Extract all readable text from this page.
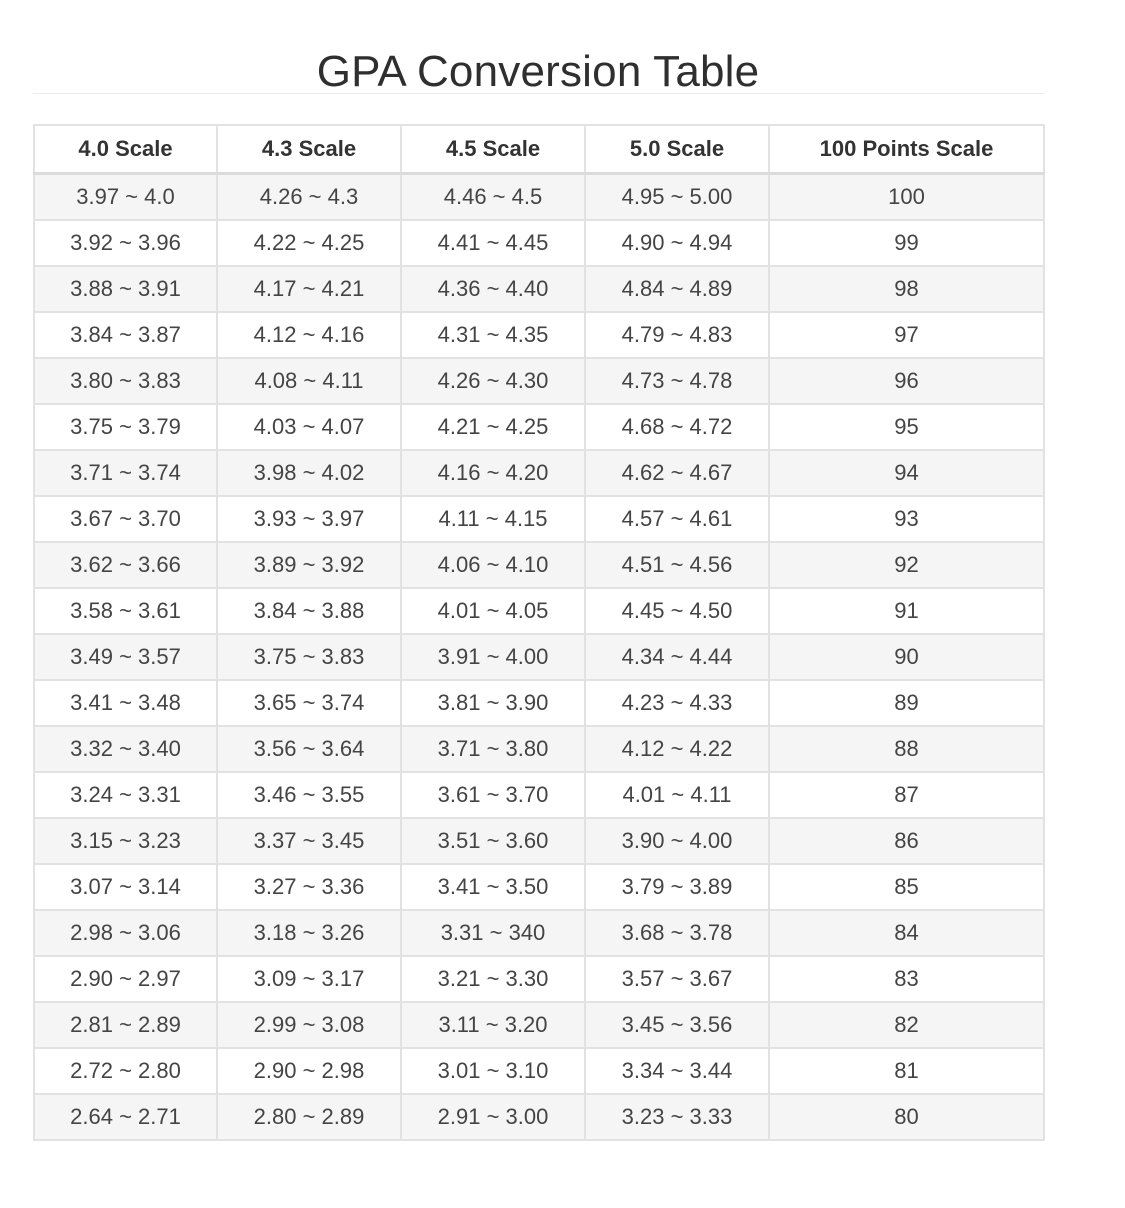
GPA Conversion Table
4.0 Scale	4.3 Scale	4.5 Scale	5.0 Scale	100 Points Scale
3.97 ~ 4.0	4.26 ~ 4.3	4.46 ~ 4.5	4.95 ~ 5.00	100
3.92 ~ 3.96	4.22 ~ 4.25	4.41 ~ 4.45	4.90 ~ 4.94	99
3.88 ~ 3.91	4.17 ~ 4.21	4.36 ~ 4.40	4.84 ~ 4.89	98
3.84 ~ 3.87	4.12 ~ 4.16	4.31 ~ 4.35	4.79 ~ 4.83	97
3.80 ~ 3.83	4.08 ~ 4.11	4.26 ~ 4.30	4.73 ~ 4.78	96
3.75 ~ 3.79	4.03 ~ 4.07	4.21 ~ 4.25	4.68 ~ 4.72	95
3.71 ~ 3.74	3.98 ~ 4.02	4.16 ~ 4.20	4.62 ~ 4.67	94
3.67 ~ 3.70	3.93 ~ 3.97	4.11 ~ 4.15	4.57 ~ 4.61	93
3.62 ~ 3.66	3.89 ~ 3.92	4.06 ~ 4.10	4.51 ~ 4.56	92
3.58 ~ 3.61	3.84 ~ 3.88	4.01 ~ 4.05	4.45 ~ 4.50	91
3.49 ~ 3.57	3.75 ~ 3.83	3.91 ~ 4.00	4.34 ~ 4.44	90
3.41 ~ 3.48	3.65 ~ 3.74	3.81 ~ 3.90	4.23 ~ 4.33	89
3.32 ~ 3.40	3.56 ~ 3.64	3.71 ~ 3.80	4.12 ~ 4.22	88
3.24 ~ 3.31	3.46 ~ 3.55	3.61 ~ 3.70	4.01 ~ 4.11	87
3.15 ~ 3.23	3.37 ~ 3.45	3.51 ~ 3.60	3.90 ~ 4.00	86
3.07 ~ 3.14	3.27 ~ 3.36	3.41 ~ 3.50	3.79 ~ 3.89	85
2.98 ~ 3.06	3.18 ~ 3.26	3.31 ~ 340	3.68 ~ 3.78	84
2.90 ~ 2.97	3.09 ~ 3.17	3.21 ~ 3.30	3.57 ~ 3.67	83
2.81 ~ 2.89	2.99 ~ 3.08	3.11 ~ 3.20	3.45 ~ 3.56	82
2.72 ~ 2.80	2.90 ~ 2.98	3.01 ~ 3.10	3.34 ~ 3.44	81
2.64 ~ 2.71	2.80 ~ 2.89	2.91 ~ 3.00	3.23 ~ 3.33	80
